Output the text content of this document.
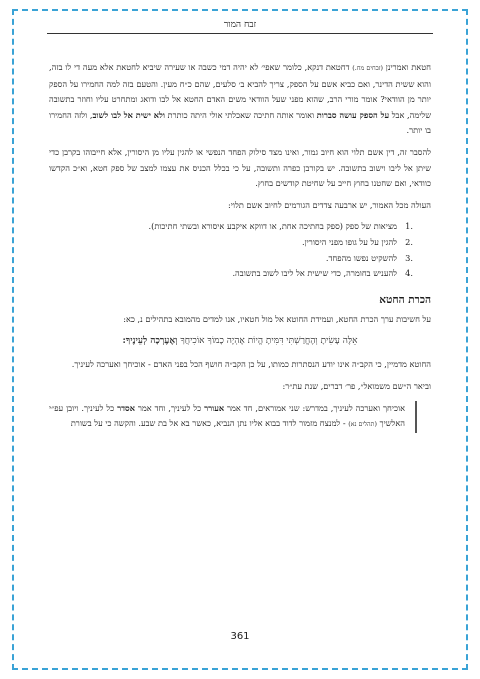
זבח המור

חטאת ואמרינן (זבחים מח.) דחטאת דנקא, כלומר שאפי׳ לא יהיה דמי כשבה או שעירה שיביא לחטאת אלא מעה די לו בזה, והוא ששית הדינר, ואם כביא אשם על הספק, צריך להביא ב׳ סלעים, שהם כ״ח מעין. והטעם בזה למה החמירו על הספק יותר מן הוודאי? אומר מורי הרב, שהוא מפני שעל הוודאי משים האדם החטא אל לבו ודואג ומתחרט עליו וחוזר בתשובה שלימה, אבל על הספק עושה סברות ואומר אותה חתיכה שאכלתי אולי היתה כותרת ולא ישית אל לבו לשוב, ולזה החמירו בו יותר.

להסבר זה, דין אשם תלוי הוא חיוב גמור, ואינו מצד סילוק הפחד הנפשי או להגין עליו מן היסורין, אלא חייבוהו בקרבן כדי שיתן אל ליבו וישוב בתשובה. יש בקורבן כפרה ותשובה, על כי בכלל הכניס את עצמו למצב של ספק חטא, וא״כ הקדשו כוודאי, ואם שחטנו בחוץ חייב על שחיטת קודשים בחוץ.

העולה מכל האמור, יש ארבעה צדדים הגורמים לחיוב אשם תלוי:

.1
מציאות של ספק (ספק בחתיכה אחת, או דווקא איקבע איסורא ובשתי חתיכות).
.2
להגין על על גופו מפני היסורין.
.3
להשקיט נפשו מהפחד.
.4
להעניש בחומרה, כדי שישית אל ליבו לשוב בתשובה.
הכרת החטא

על חשיבות ערך הכרת החטא, ועמידת החוטא אל מול חטאיו, אנו למדים מהמובא בתהילים נ, כא:

אֵלֶּה עָשִׂיתָ וְהֶחֱרַשְׁתִּי דִּמִּיתָ הֱיוֹת אֶהְיֶה כָמוֹךָ אוֹכִיחֲךָ וְאֶעֶרְכָה לְעֵינֶיךָ:

החוטא מדמיין, כי הקב״ה אינו יודע הנסתרות כמותו, על כן הקב״ה חושף הכל בפני האדם - אוכיחך ואערכה לעיניך.

וביאר ה״שם משמואל״, פר׳ דברים, שנת עת״ר:

אוכיחך ואערכה לעיניך, במדרש: שני אמוראים, חד אמר אעורר כל לעיניך, וחד אמר אסדר כל לעיניך. ויובן עפ״י האלשיך (תהלים נא) - למנצח מזמור לדוד בבוא אליו נתן הנביא, כאשר בא אל בת שבע. והקשה כי על בשורת
361
